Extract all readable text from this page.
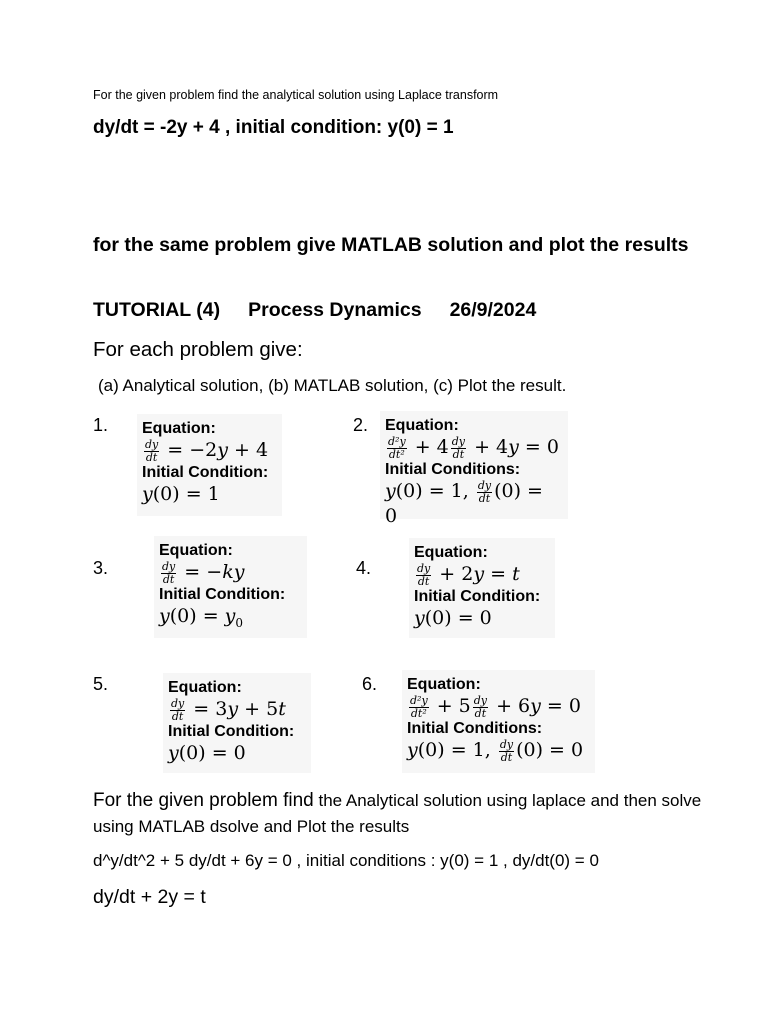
For the given problem find the analytical solution using Laplace transform
dy/dt = -2y + 4 , initial condition: y(0) = 1
for the same problem give MATLAB solution and plot the results
TUTORIAL (4) Process Dynamics 26/9/2024
For each problem give:
(a) Analytical solution, (b) MATLAB solution, (c) Plot the result.
1. Equation:
$\frac{dy}{dt} = -2y + 4$
Initial Condition:
y(0) = 1
2. Equation:
$\frac{\text{d²y}}{\text{dt²}} + 4 \frac{dy}{dt} + 4y = 0$
Initial Conditions:
y(0) = 1, $\frac{dy}{dt} (0) = 0$
3.
Equation:
$\frac{dy}{dt} = -ky$
Initial Condition:
$y(0) = y_0$
4.
Equation:
$\frac{dy}{dt} + 2y = t$
Initial Condition:
y(0) = 0
5.	Equation:
$\frac{dy}{dt} = 3y + 5t$
Initial Condition:
y(0) = 0
6. Equation:
$\frac{\text{d²y}}{\text{dt²}} + 5 \frac{dy}{dt} + 6y = 0$
Initial Conditions:
y(0) = 1, $\frac{dy}{dt} (0) = 0$
For the given problem find the Analytical solution using laplace and then solve using MATLAB dsolve and Plot the results
d^y/dt^2 + 5 dy/dt + 6y = 0 , initial conditions : y(0) = 1 , dy/dt(0) = 0
dy/dt + 2y = t
